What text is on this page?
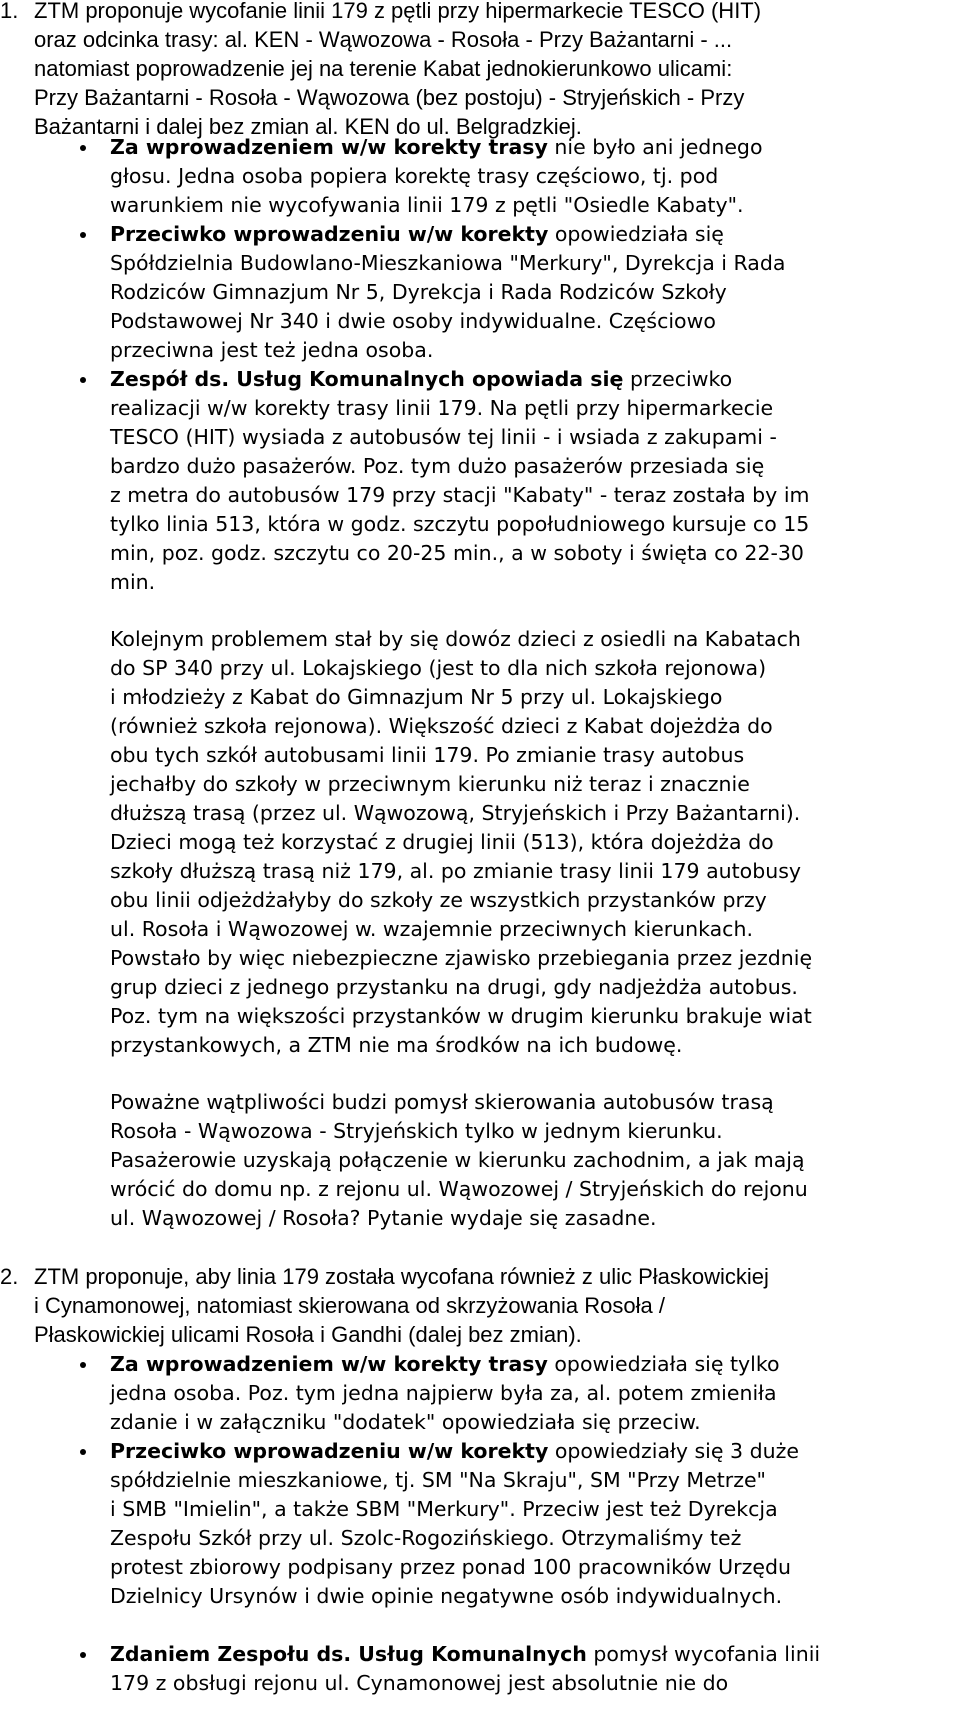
1. ZTM proponuje wycofanie linii 179 z pętli przy hipermarkecie TESCO (HIT)
oraz odcinka trasy: al. KEN - Wąwozowa - Rosoła - Przy Bażantarni - ...
natomiast poprowadzenie jej na terenie Kabat jednokierunkowo ulicami:
Przy Bażantarni - Rosoła - Wąwozowa (bez postoju) - Stryjeńskich - Przy
Bażantarni i dalej bez zmian al. KEN do ul. Belgradzkiej.
Za wprowadzeniem w/w korekty trasy nie było ani jednego
głosu. Jedna osoba popiera korektę trasy częściowo, tj. pod
warunkiem nie wycofywania linii 179 z pętli "Osiedle Kabaty".
Przeciwko wprowadzeniu w/w korekty opowiedziała się
Spółdzielnia Budowlano-Mieszkaniowa "Merkury", Dyrekcja i Rada
Rodziców Gimnazjum Nr 5, Dyrekcja i Rada Rodziców Szkoły
Podstawowej Nr 340 i dwie osoby indywidualne. Częściowo
przeciwna jest też jedna osoba.
Zespół ds. Usług Komunalnych opowiada się przeciwko
realizacji w/w korekty trasy linii 179. Na pętli przy hipermarkecie
TESCO (HIT) wysiada z autobusów tej linii - i wsiada z zakupami -
bardzo dużo pasażerów. Poz. tym dużo pasażerów przesiada się
z metra do autobusów 179 przy stacji "Kabaty" - teraz została by im
tylko linia 513, która w godz. szczytu popołudniowego kursuje co 15
min, poz. godz. szczytu co 20-25 min., a w soboty i święta co 22-30
min.
Kolejnym problemem stał by się dowóz dzieci z osiedli na Kabatach
do SP 340 przy ul. Lokajskiego (jest to dla nich szkoła rejonowa)
i młodzieży z Kabat do Gimnazjum Nr 5 przy ul. Lokajskiego
(również szkoła rejonowa). Większość dzieci z Kabat dojeżdża do
obu tych szkół autobusami linii 179. Po zmianie trasy autobus
jechałby do szkoły w przeciwnym kierunku niż teraz i znacznie
dłuższą trasą (przez ul. Wąwozową, Stryjeńskich i Przy Bażantarni).
Dzieci mogą też korzystać z drugiej linii (513), która dojeżdża do
szkoły dłuższą trasą niż 179, al. po zmianie trasy linii 179 autobusy
obu linii odjeżdżałyby do szkoły ze wszystkich przystanków przy
ul. Rosoła i Wąwozowej w. wzajemnie przeciwnych kierunkach.
Powstało by więc niebezpieczne zjawisko przebiegania przez jezdnię
grup dzieci z jednego przystanku na drugi, gdy nadjeżdża autobus.
Poz. tym na większości przystanków w drugim kierunku brakuje wiat
przystankowych, a ZTM nie ma środków na ich budowę.
Poważne wątpliwości budzi pomysł skierowania autobusów trasą
Rosoła - Wąwozowa - Stryjeńskich tylko w jednym kierunku.
Pasażerowie uzyskają połączenie w kierunku zachodnim, a jak mają
wrócić do domu np. z rejonu ul. Wąwozowej / Stryjeńskich do rejonu
ul. Wąwozowej / Rosoła? Pytanie wydaje się zasadne.
2. ZTM proponuje, aby linia 179 została wycofana również z ulic Płaskowickiej
i Cynamonowej, natomiast skierowana od skrzyżowania Rosoła /
Płaskowickiej ulicami Rosoła i Gandhi (dalej bez zmian).
Za wprowadzeniem w/w korekty trasy opowiedziała się tylko
jedna osoba. Poz. tym jedna najpierw była za, al. potem zmieniła
zdanie i w załączniku "dodatek" opowiedziała się przeciw.
Przeciwko wprowadzeniu w/w korekty opowiedziały się 3 duże
spółdzielnie mieszkaniowe, tj. SM "Na Skraju", SM "Przy Metrze"
i SMB "Imielin", a także SBM "Merkury". Przeciw jest też Dyrekcja
Zespołu Szkół przy ul. Szolc-Rogozińskiego. Otrzymaliśmy też
protest zbiorowy podpisany przez ponad 100 pracowników Urzędu
Dzielnicy Ursynów i dwie opinie negatywne osób indywidualnych.
Zdaniem Zespołu ds. Usług Komunalnych pomysł wycofania linii
179 z obsługi rejonu ul. Cynamonowej jest absolutnie nie do
